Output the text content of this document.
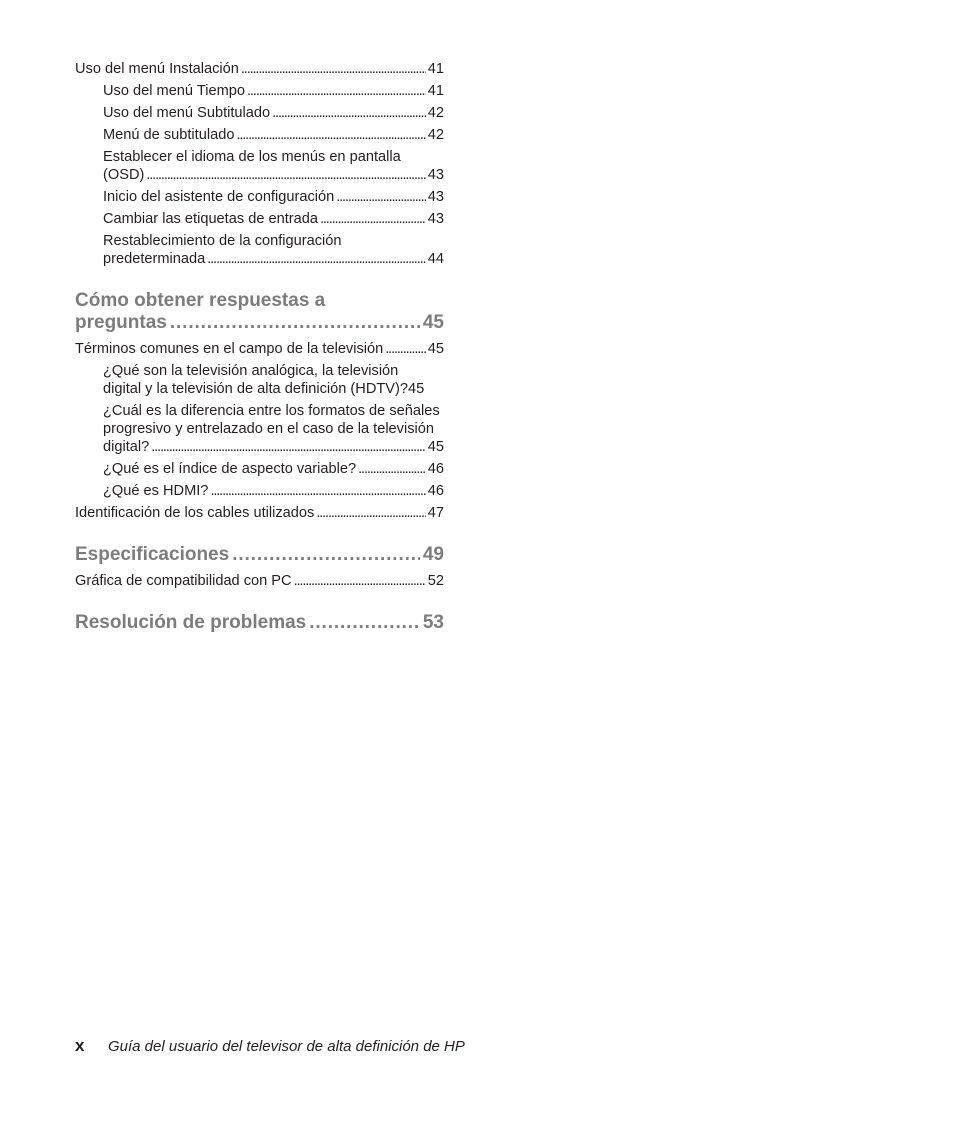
Uso del menú Instalación . . .	41
Uso del menú Tiempo . . .	41
Uso del menú Subtitulado . . .	42
Menú de subtitulado . . .	42
Establecer el idioma de los menús en pantalla
(OSD) . . .	43
Inicio del asistente de configuración . . .	43
Cambiar las etiquetas de entrada . . .	43
Restablecimiento de la configuración
predeterminada . . .	44
Cómo obtener respuestas a
preguntas . . .	45
Términos comunes en el campo de la televisión . . .	45
¿Qué son la televisión analógica, la televisión
digital y la televisión de alta definición (HDTV)? 45
¿Cuál es la diferencia entre los formatos de señales
progresivo y entrelazado en el caso de la televisión
digital? . . .	45
¿Qué es el índice de aspecto variable? . . .	46
¿Qué es HDMI? . . .	46
Identificación de los cables utilizados . . .	47
Especificaciones . . .	49
Gráfica de compatibilidad con PC . . .	52
Resolución de problemas . . .	53
x	Guía del usuario del televisor de alta definición de HP
